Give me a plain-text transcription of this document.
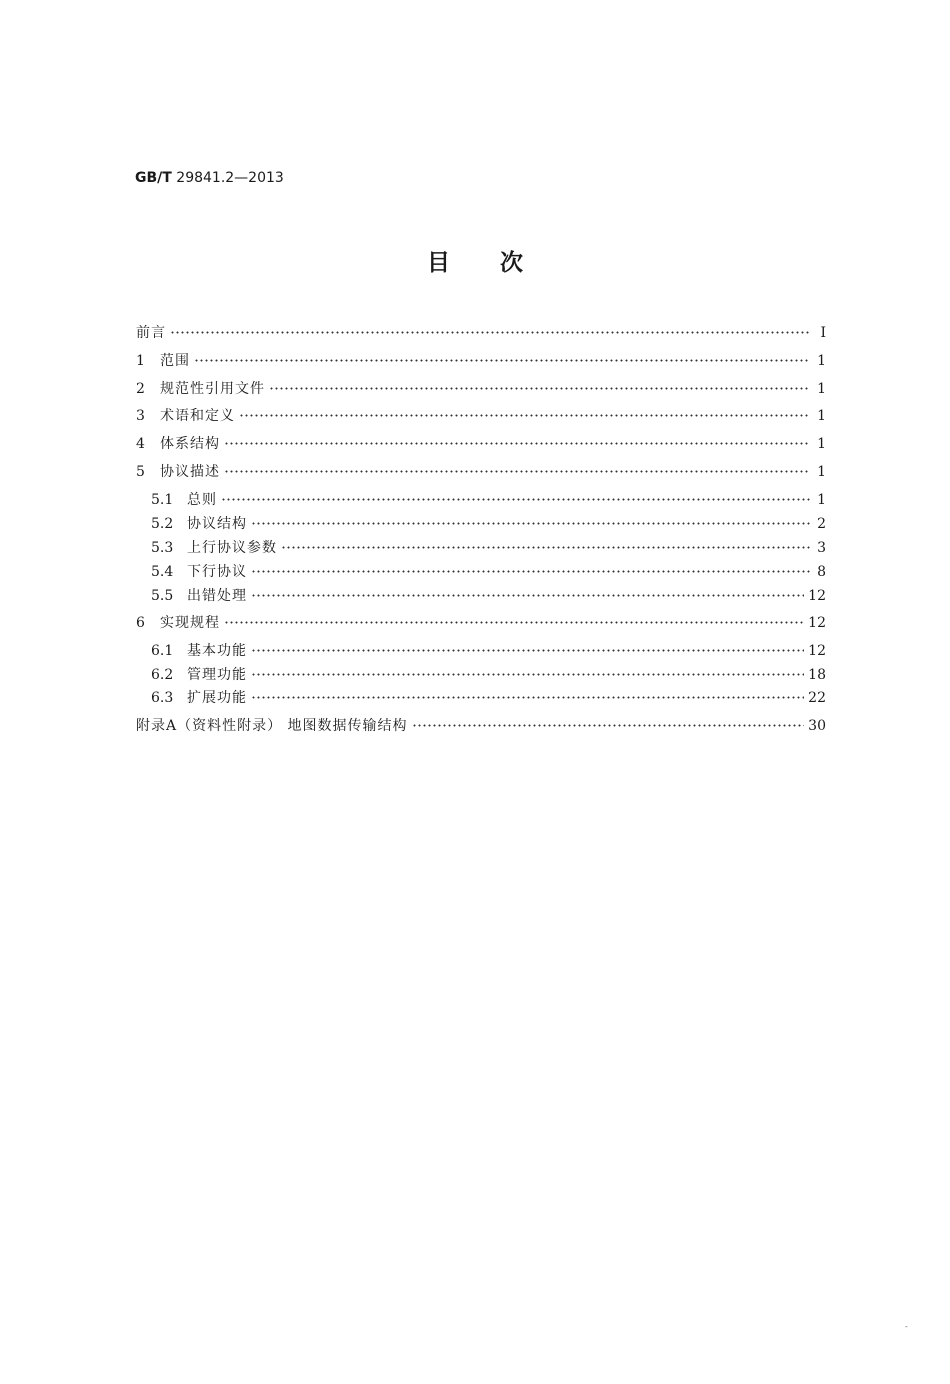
GB/T 29841.2—2013
目次
前言	I
1	范围	1
2	规范性引用文件	1
3	术语和定义	1
4	体系结构	1
5	协议描述	1
5.1 总则	1
5.2 协议结构	2
5.3 上行协议参数	3
5.4 下行协议	8
5.5 出错处理	12
6	实现规程	12
6.1 基本功能	12
6.2 管理功能	18
6.3 扩展功能	22
附录A（资料性附录） 地图数据传输结构	30
-
